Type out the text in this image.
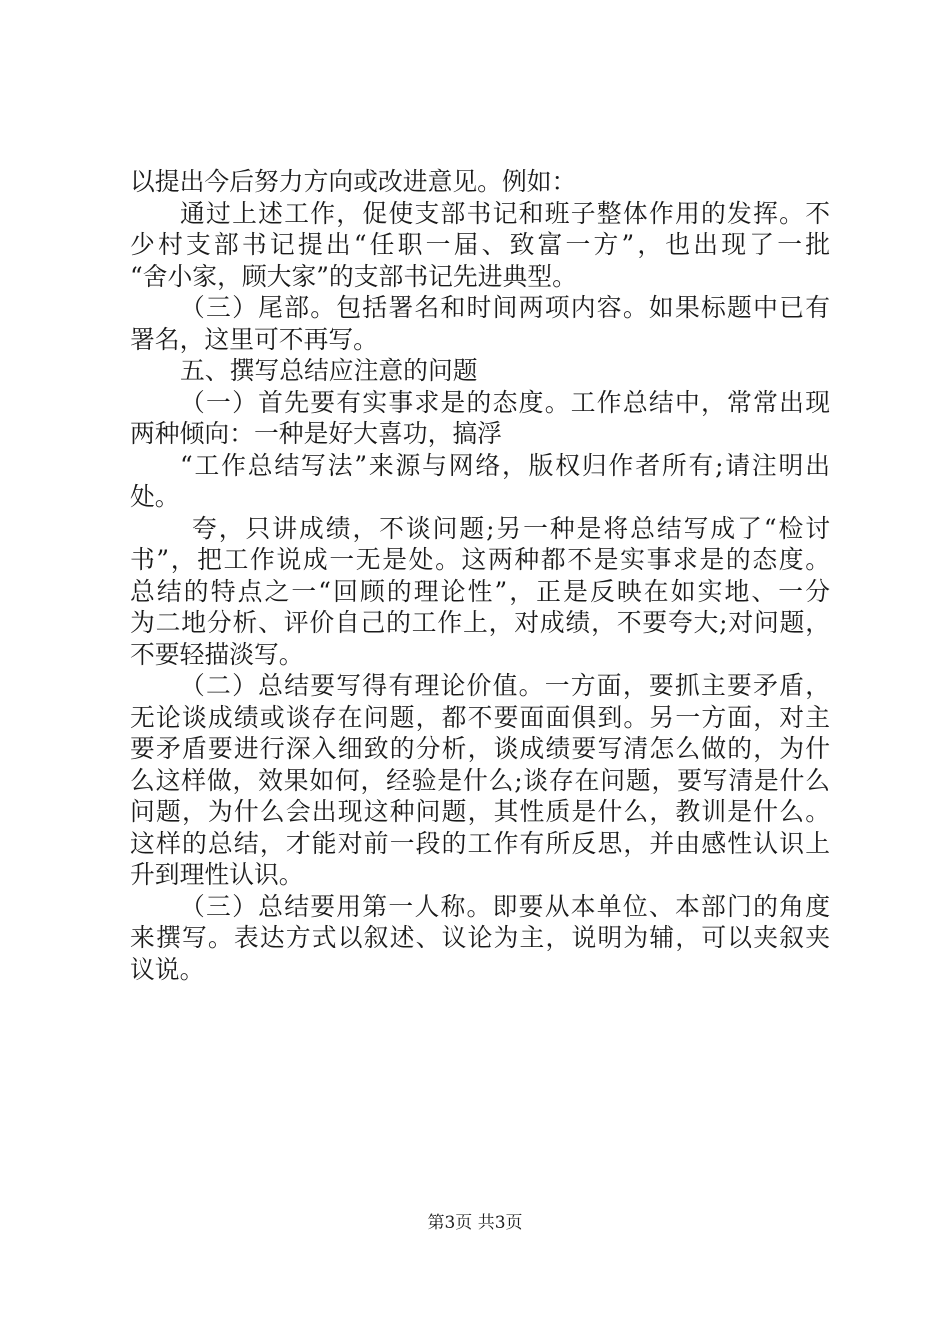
以提出今后努力方向或改进意见。例如：
通过上述工作，促使支部书记和班子整体作用的发挥。不
少村支部书记提出“任职一届、致富一方”，也出现了一批
“舍小家，顾大家”的支部书记先进典型。
（三）尾部。包括署名和时间两项内容。如果标题中已有
署名，这里可不再写。
五、撰写总结应注意的问题
（一）首先要有实事求是的态度。工作总结中，常常出现
两种倾向：一种是好大喜功，搞浮
“工作总结写法”来源与网络，版权归作者所有;请注明出
处。
夸，只讲成绩，不谈问题;另一种是将总结写成了“检讨
书”，把工作说成一无是处。这两种都不是实事求是的态度。
总结的特点之一“回顾的理论性”，正是反映在如实地、一分
为二地分析、评价自己的工作上，对成绩，不要夸大;对问题，
不要轻描淡写。
（二）总结要写得有理论价值。一方面，要抓主要矛盾，
无论谈成绩或谈存在问题，都不要面面俱到。另一方面，对主
要矛盾要进行深入细致的分析，谈成绩要写清怎么做的，为什
么这样做，效果如何，经验是什么;谈存在问题，要写清是什么
问题，为什么会出现这种问题，其性质是什么，教训是什么。
这样的总结，才能对前一段的工作有所反思，并由感性认识上
升到理性认识。
（三）总结要用第一人称。即要从本单位、本部门的角度
来撰写。表达方式以叙述、议论为主，说明为辅，可以夹叙夹
议说。
第3页 共3页
